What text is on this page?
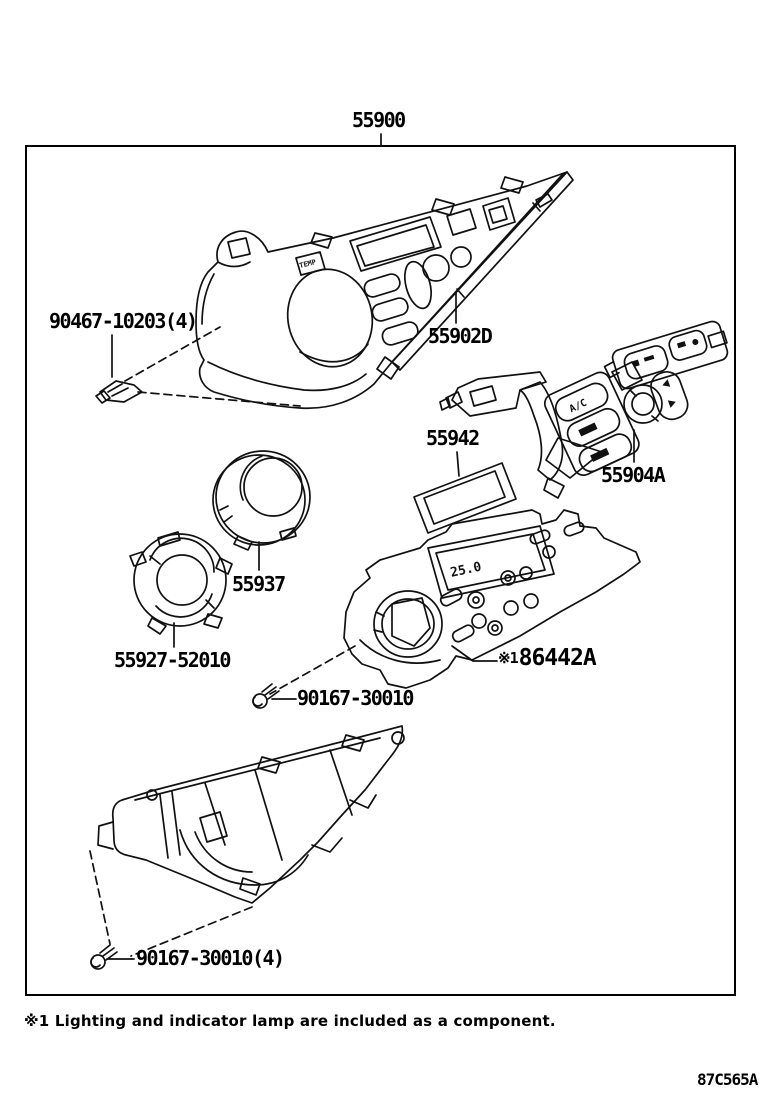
TEMP
A/C
25.0
55900
90467-10203(4)
55902D
55942
55904A
55937
55927-52010	※186442A
90167-30010
90167-30010(4)
※1 Lighting and indicator lamp are included as a component.
87C565A
